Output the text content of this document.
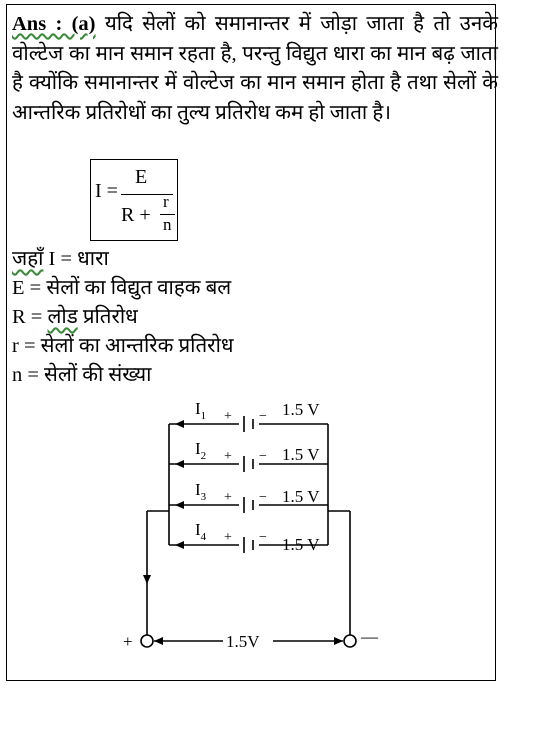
Ans : (a) यदि सेलों को समानान्तर में जोड़ा जाता है तो उनके वोल्टेज का मान समान रहता है, परन्तु विद्युत धारा का मान बढ़ जाता है क्योंकि समानान्तर में वोल्टेज का मान समान होता है तथा सेलों के आन्तरिक प्रतिरोधों का तुल्य प्रतिरोध कम हो जाता है।

I =
E
R +
r
n
जहाँ I = धारा
E = सेलों का विद्युत वाहक बल
R = लोड प्रतिरोध
r = सेलों का आन्तरिक प्रतिरोध
n = सेलों की संख्या
$I_1$
$I_2$
$I_3$
$I_4$
+ −
+ −
+ −
+ −
1.5 V
1.5 V
1.5 V
1.5 V
+	—
1.5V
